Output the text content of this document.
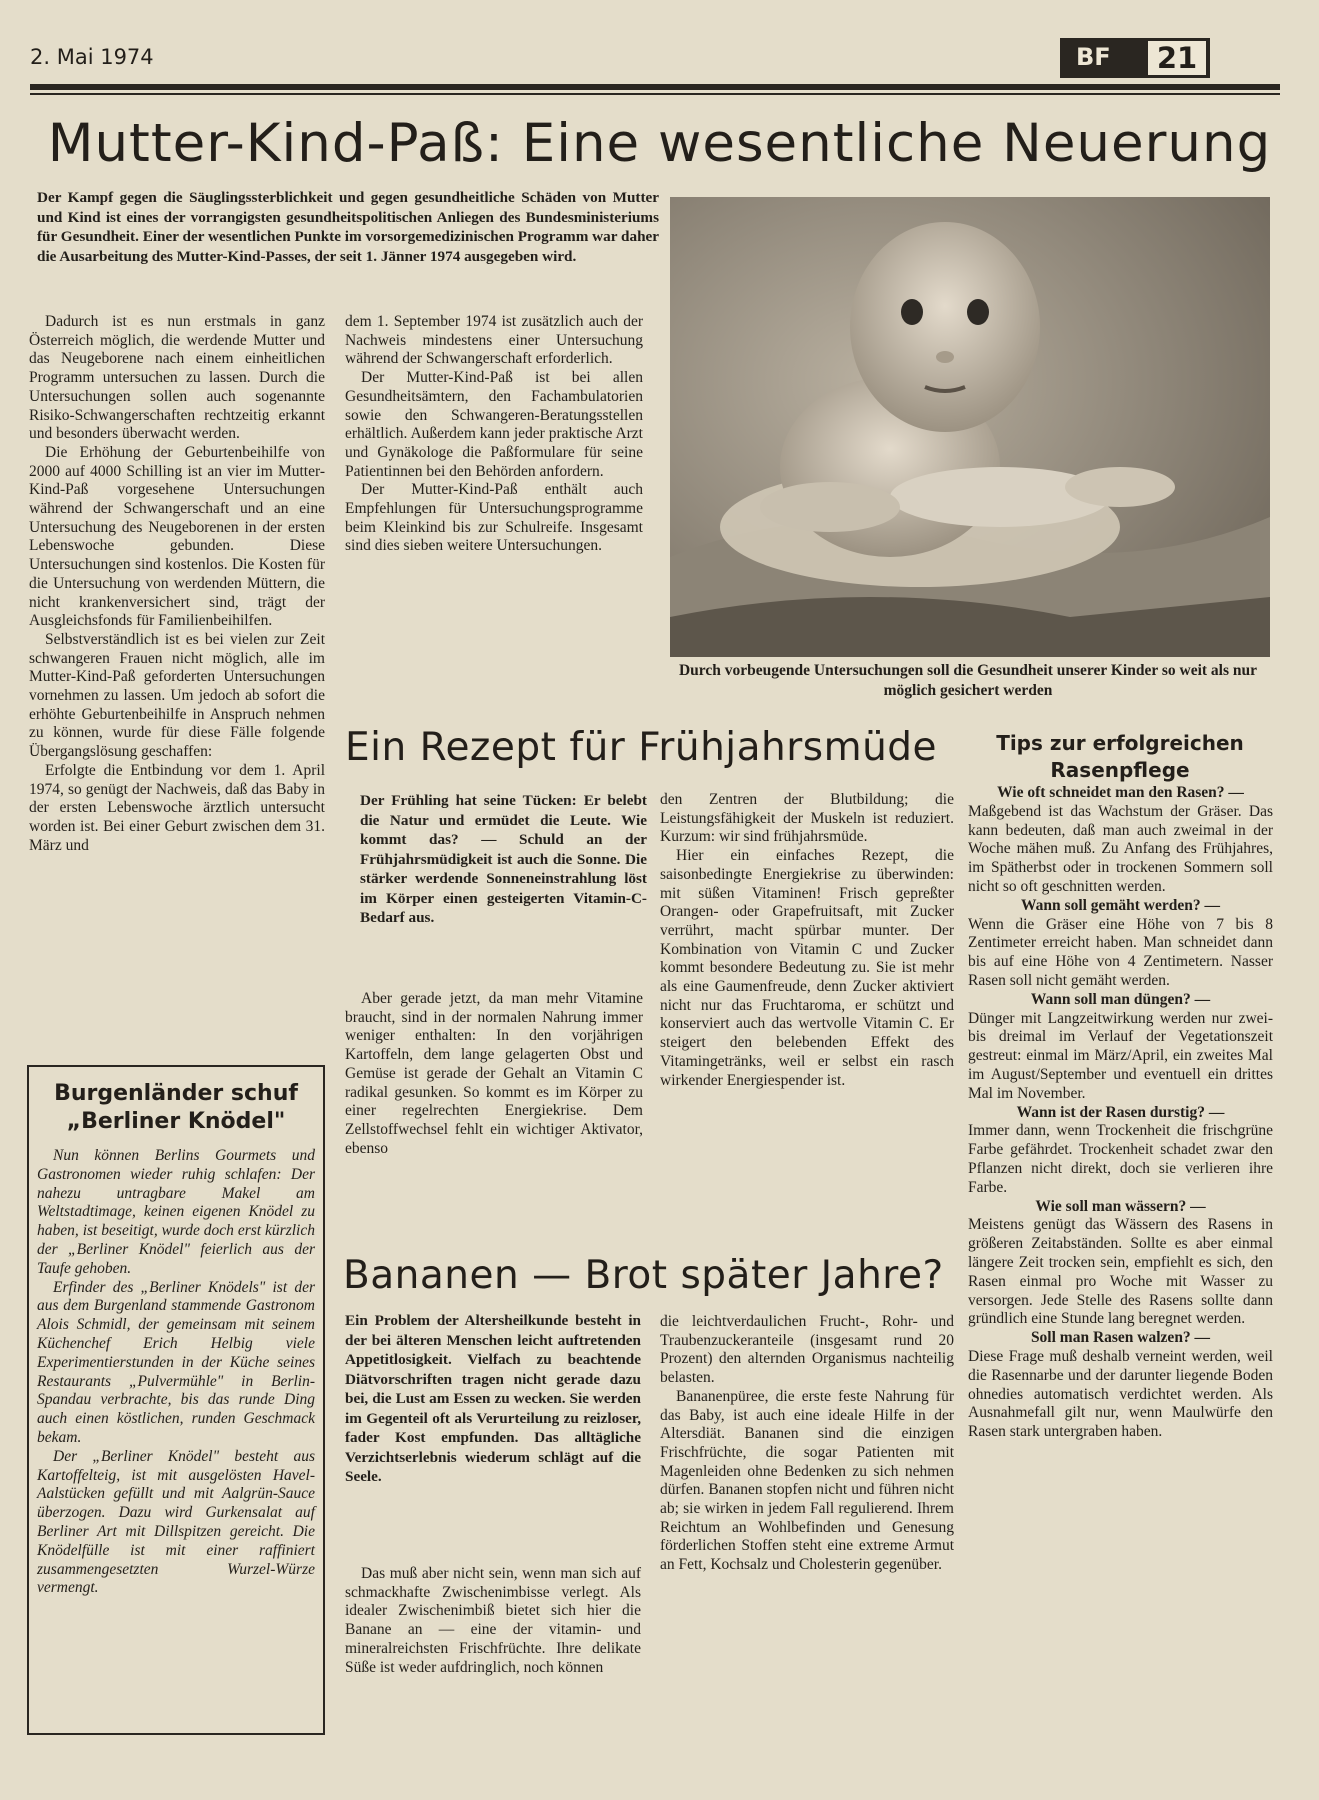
2. Mai 1974	BF	21
Mutter-Kind-Paß: Eine wesentliche Neuerung
Der Kampf gegen die Säuglingssterblichkeit und gegen gesundheitliche Schäden von Mutter und Kind ist eines der vorrangigsten gesundheitspolitischen Anliegen des Bundesministeriums für Gesundheit. Einer der wesentlichen Punkte im vorsorgemedizinischen Programm war daher die Ausarbeitung des Mutter-Kind-Passes, der seit 1. Jänner 1974 ausgegeben wird.

Dadurch ist es nun erstmals in ganz Österreich möglich, die werdende Mutter und das Neugeborene nach einem einheitlichen Programm untersuchen zu lassen. Durch die Untersuchungen sollen auch sogenannte Risiko-Schwangerschaften rechtzeitig erkannt und besonders überwacht werden.

Die Erhöhung der Geburtenbeihilfe von 2000 auf 4000 Schilling ist an vier im Mutter-Kind-Paß vorgesehene Untersuchungen während der Schwangerschaft und an eine Untersuchung des Neugeborenen in der ersten Lebenswoche gebunden. Diese Untersuchungen sind kostenlos. Die Kosten für die Untersuchung von werdenden Müttern, die nicht krankenversichert sind, trägt der Ausgleichsfonds für Familienbeihilfen.

Selbstverständlich ist es bei vielen zur Zeit schwangeren Frauen nicht möglich, alle im Mutter-Kind-Paß geforderten Untersuchungen vornehmen zu lassen. Um jedoch ab sofort die erhöhte Geburtenbeihilfe in Anspruch nehmen zu können, wurde für diese Fälle folgende Übergangslösung geschaffen:

Erfolgte die Entbindung vor dem 1. April 1974, so genügt der Nachweis, daß das Baby in der ersten Lebenswoche ärztlich untersucht worden ist. Bei einer Geburt zwischen dem 31. März und

dem 1. September 1974 ist zusätzlich auch der Nachweis mindestens einer Untersuchung während der Schwangerschaft erforderlich.

Der Mutter-Kind-Paß ist bei allen Gesundheitsämtern, den Fachambulatorien sowie den Schwangeren-Beratungsstellen erhältlich. Außerdem kann jeder praktische Arzt und Gynäkologe die Paßformulare für seine Patientinnen bei den Behörden anfordern.

Der Mutter-Kind-Paß enthält auch Empfehlungen für Untersuchungsprogramme beim Kleinkind bis zur Schulreife. Insgesamt sind dies sieben weitere Untersuchungen.

Durch vorbeugende Untersuchungen soll die Gesundheit unserer Kinder so weit als nur möglich gesichert werden
Burgenländer schuf
„Berliner Knödel"

Nun können Berlins Gourmets und Gastronomen wieder ruhig schlafen: Der nahezu untragbare Makel am Weltstadtimage, keinen eigenen Knödel zu haben, ist beseitigt, wurde doch erst kürzlich der „Berliner Knödel" feierlich aus der Taufe gehoben.

Erfinder des „Berliner Knödels" ist der aus dem Burgenland stammende Gastronom Alois Schmidl, der gemeinsam mit seinem Küchenchef Erich Helbig viele Experimentierstunden in der Küche seines Restaurants „Pulvermühle" in Berlin-Spandau verbrachte, bis das runde Ding auch einen köstlichen, runden Geschmack bekam.

Der „Berliner Knödel" besteht aus Kartoffelteig, ist mit ausgelösten Havel-Aalstücken gefüllt und mit Aalgrün-Sauce überzogen. Dazu wird Gurkensalat auf Berliner Art mit Dillspitzen gereicht. Die Knödelfülle ist mit einer raffiniert zusammengesetzten Wurzel-Würze vermengt.

Ein Rezept für Frühjahrsmüde

Der Frühling hat seine Tücken: Er belebt die Natur und ermüdet die Leute. Wie kommt das? — Schuld an der Frühjahrsmüdigkeit ist auch die Sonne. Die stärker werdende Sonneneinstrahlung löst im Körper einen gesteigerten Vitamin-C-Bedarf aus.

Aber gerade jetzt, da man mehr Vitamine braucht, sind in der normalen Nahrung immer weniger enthalten: In den vorjährigen Kartoffeln, dem lange gelagerten Obst und Gemüse ist gerade der Gehalt an Vitamin C radikal gesunken. So kommt es im Körper zu einer regelrechten Energiekrise. Dem Zellstoffwechsel fehlt ein wichtiger Aktivator, ebenso

den Zentren der Blutbildung; die Leistungsfähigkeit der Muskeln ist reduziert. Kurzum: wir sind frühjahrsmüde.

Hier ein einfaches Rezept, die saisonbedingte Energiekrise zu überwinden: mit süßen Vitaminen! Frisch gepreßter Orangen- oder Grapefruitsaft, mit Zucker verrührt, macht spürbar munter. Der Kombination von Vitamin C und Zucker kommt besondere Bedeutung zu. Sie ist mehr als eine Gaumenfreude, denn Zucker aktiviert nicht nur das Fruchtaroma, er schützt und konserviert auch das wertvolle Vitamin C. Er steigert den belebenden Effekt des Vitamingetränks, weil er selbst ein rasch wirkender Energiespender ist.

Bananen — Brot später Jahre?

Ein Problem der Altersheilkunde besteht in der bei älteren Menschen leicht auftretenden Appetitlosigkeit. Vielfach zu beachtende Diätvorschriften tragen nicht gerade dazu bei, die Lust am Essen zu wecken. Sie werden im Gegenteil oft als Verurteilung zu reizloser, fader Kost empfunden. Das alltägliche Verzichtserlebnis wiederum schlägt auf die Seele.

Das muß aber nicht sein, wenn man sich auf schmackhafte Zwischenimbisse verlegt. Als idealer Zwischenimbiß bietet sich hier die Banane an — eine der vitamin- und mineralreichsten Frischfrüchte. Ihre delikate Süße ist weder aufdringlich, noch können

die leichtverdaulichen Frucht-, Rohr- und Traubenzuckeranteile (insgesamt rund 20 Prozent) den alternden Organismus nachteilig belasten.

Bananenpüree, die erste feste Nahrung für das Baby, ist auch eine ideale Hilfe in der Altersdiät. Bananen sind die einzigen Frischfrüchte, die sogar Patienten mit Magenleiden ohne Bedenken zu sich nehmen dürfen. Bananen stopfen nicht und führen nicht ab; sie wirken in jedem Fall regulierend. Ihrem Reichtum an Wohlbefinden und Genesung förderlichen Stoffen steht eine extreme Armut an Fett, Kochsalz und Cholesterin gegenüber.

Tips zur erfolgreichen
Rasenpflege

Wie oft schneidet man den Rasen? —

Maßgebend ist das Wachstum der Gräser. Das kann bedeuten, daß man auch zweimal in der Woche mähen muß. Zu Anfang des Frühjahres, im Spätherbst oder in trockenen Sommern soll nicht so oft geschnitten werden.

Wann soll gemäht werden? —

Wenn die Gräser eine Höhe von 7 bis 8 Zentimeter erreicht haben. Man schneidet dann bis auf eine Höhe von 4 Zentimetern. Nasser Rasen soll nicht gemäht werden.

Wann soll man düngen? —

Dünger mit Langzeitwirkung werden nur zwei- bis dreimal im Verlauf der Vegetationszeit gestreut: einmal im März/April, ein zweites Mal im August/September und eventuell ein drittes Mal im November.

Wann ist der Rasen durstig? —

Immer dann, wenn Trockenheit die frischgrüne Farbe gefährdet. Trockenheit schadet zwar den Pflanzen nicht direkt, doch sie verlieren ihre Farbe.

Wie soll man wässern? —

Meistens genügt das Wässern des Rasens in größeren Zeitabständen. Sollte es aber einmal längere Zeit trocken sein, empfiehlt es sich, den Rasen einmal pro Woche mit Wasser zu versorgen. Jede Stelle des Rasens sollte dann gründlich eine Stunde lang beregnet werden.

Soll man Rasen walzen? —

Diese Frage muß deshalb verneint werden, weil die Rasennarbe und der darunter liegende Boden ohnedies automatisch verdichtet werden. Als Ausnahmefall gilt nur, wenn Maulwürfe den Rasen stark untergraben haben.
